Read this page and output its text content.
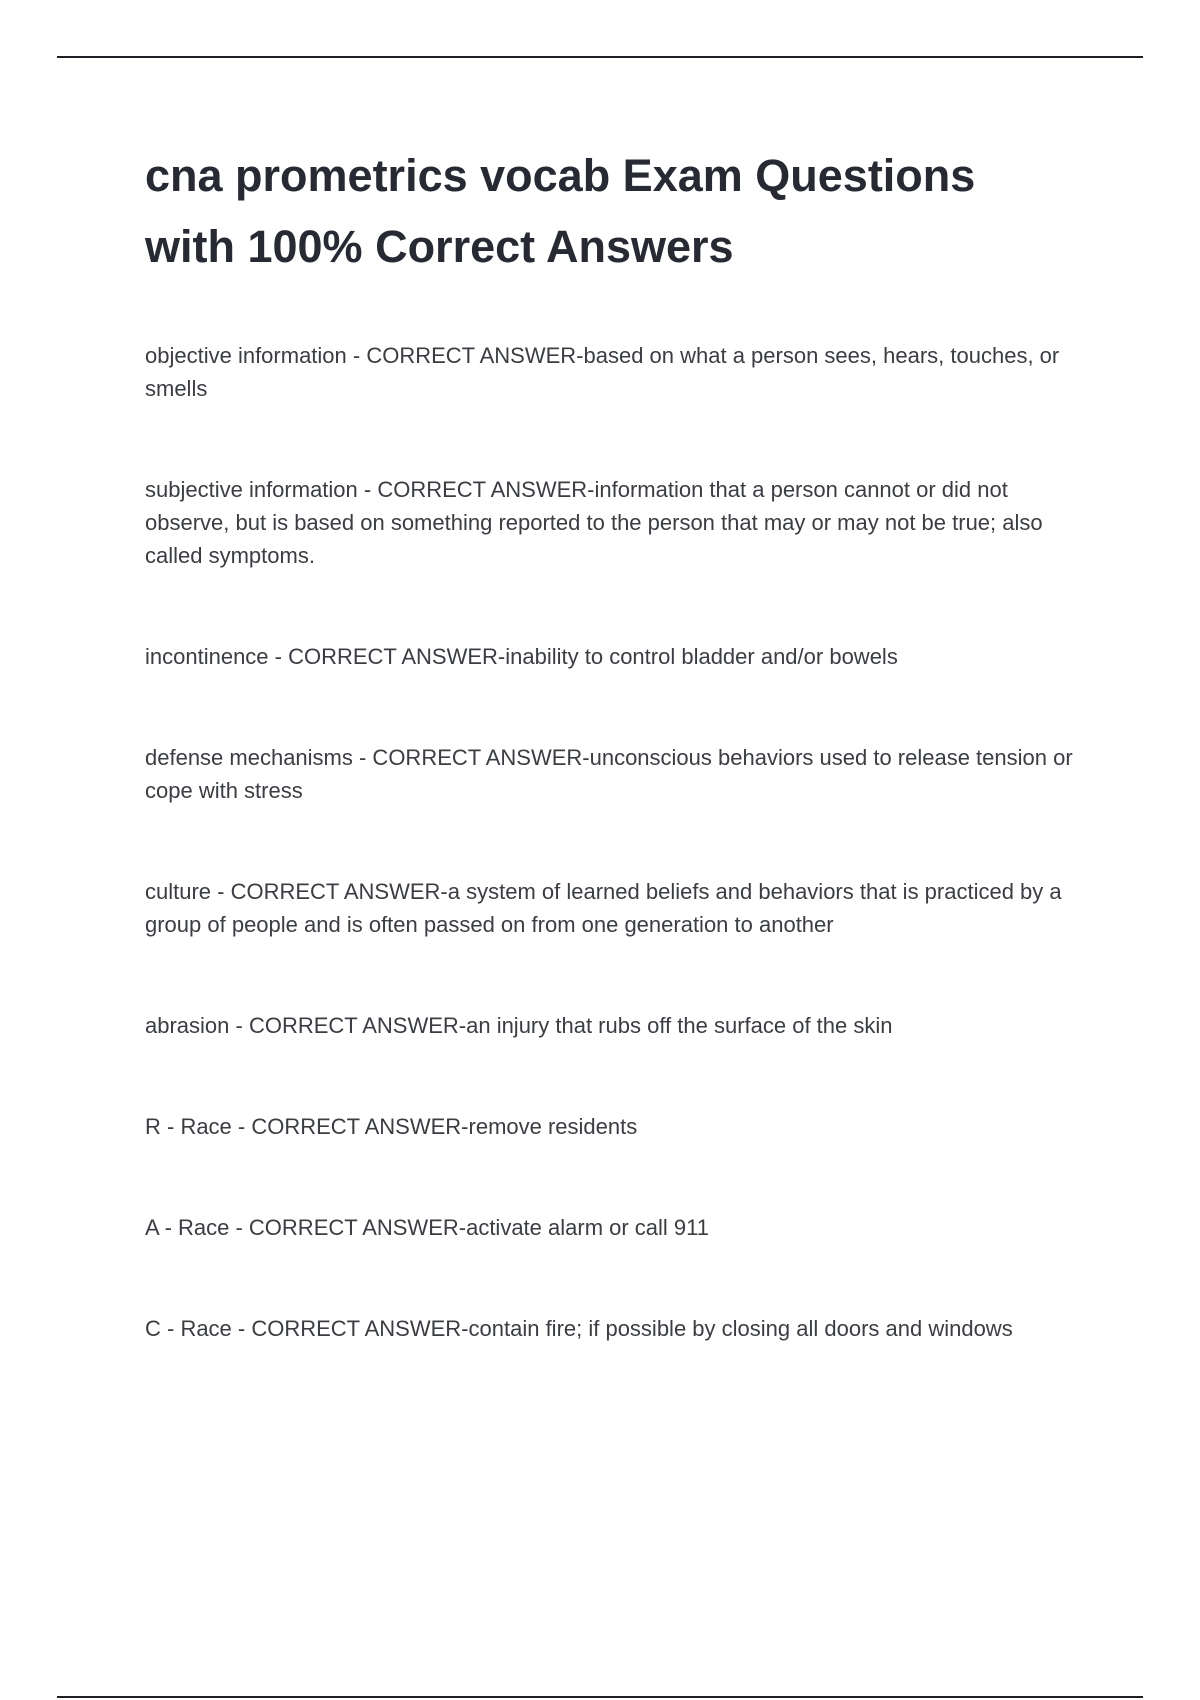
cna prometrics vocab Exam Questions with 100% Correct Answers

objective information - CORRECT ANSWER-based on what a person sees, hears, touches, or smells

subjective information - CORRECT ANSWER-information that a person cannot or did not observe, but is based on something reported to the person that may or may not be true; also called symptoms.

incontinence - CORRECT ANSWER-inability to control bladder and/or bowels

defense mechanisms - CORRECT ANSWER-unconscious behaviors used to release tension or cope with stress

culture - CORRECT ANSWER-a system of learned beliefs and behaviors that is practiced by a group of people and is often passed on from one generation to another

abrasion - CORRECT ANSWER-an injury that rubs off the surface of the skin

R - Race - CORRECT ANSWER-remove residents

A - Race - CORRECT ANSWER-activate alarm or call 911

C - Race - CORRECT ANSWER-contain fire; if possible by closing all doors and windows
